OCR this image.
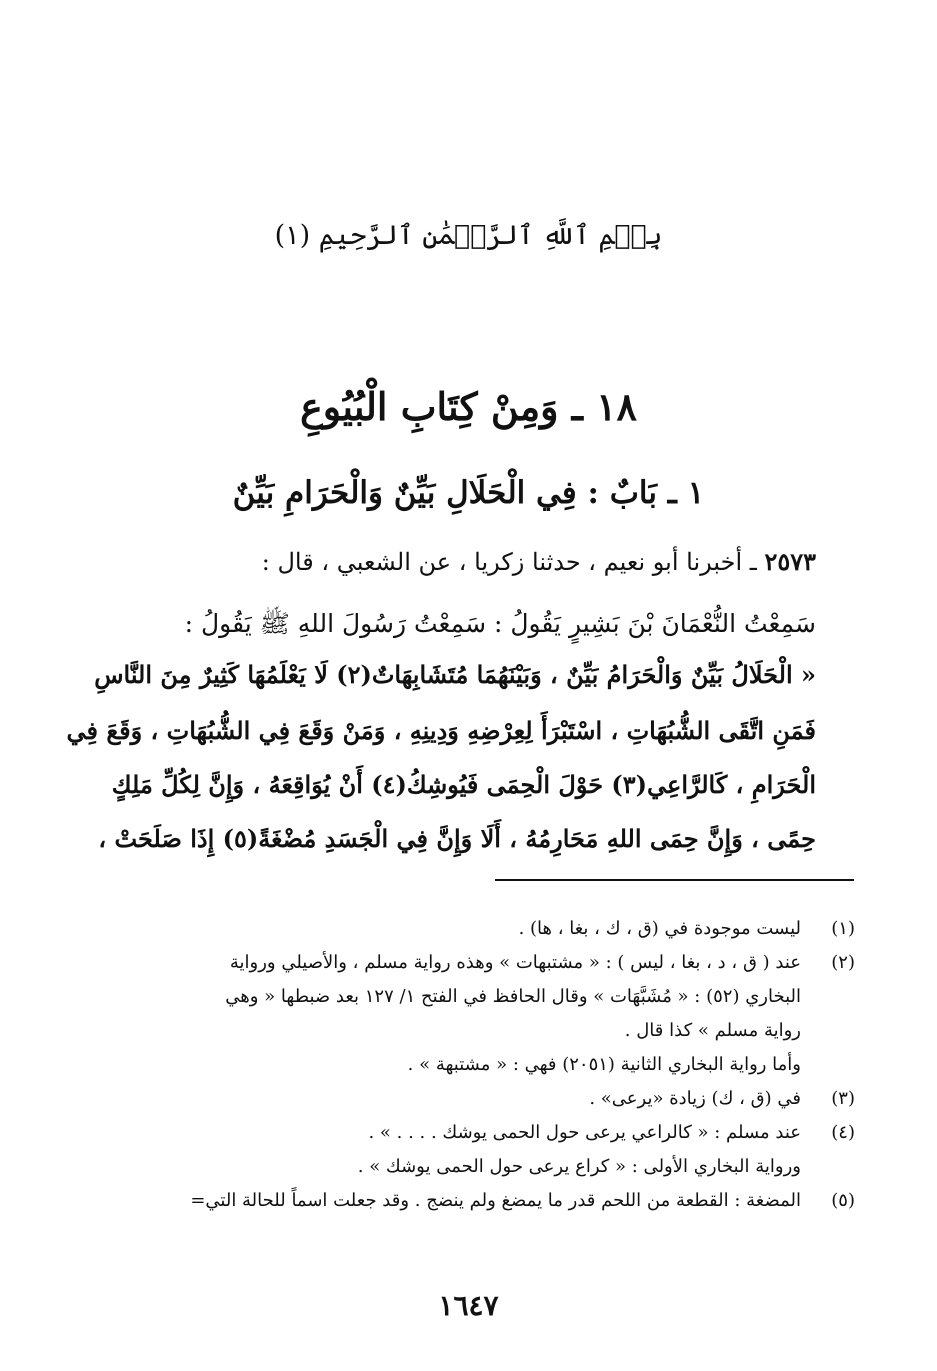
بِسۡمِ ٱللَّهِ ٱلرَّحۡمَٰنِ ٱلرَّحِيمِ (١)
١٨ ـ وَمِنْ كِتَابِ الْبُيُوعِ
١ ـ بَابٌ : فِي الْحَلَالِ بَيِّنٌ وَالْحَرَامِ بَيِّنٌ
٢٥٧٣ ـ أخبرنا أبو نعيم ، حدثنا زكريا ، عن الشعبي ، قال :
سَمِعْتُ النُّعْمَانَ بْنَ بَشِيرٍ يَقُولُ : سَمِعْتُ رَسُولَ اللهِ ﷺ يَقُولُ :
« الْحَلَالُ بَيِّنٌ وَالْحَرَامُ بَيِّنٌ ، وَبَيْنَهُمَا مُتَشَابِهَاتٌ(٢) لَا يَعْلَمُهَا كَثِيرٌ مِنَ النَّاسِ
فَمَنِ اتَّقَى الشُّبُهَاتِ ، اسْتَبْرَأَ لِعِرْضِهِ وَدِينِهِ ، وَمَنْ وَقَعَ فِي الشُّبُهَاتِ ، وَقَعَ فِي
الْحَرَامِ ، كَالرَّاعِي(٣) حَوْلَ الْحِمَى فَيُوشِكُ(٤) أَنْ يُوَاقِعَهُ ، وَإِنَّ لِكُلِّ مَلِكٍ
حِمًى ، وَإِنَّ حِمَى اللهِ مَحَارِمُهُ ، أَلَا وَإِنَّ فِي الْجَسَدِ مُضْغَةً(٥) إِذَا صَلَحَتْ ،
(١)
ليست موجودة في (ق ، ك ، بغا ، ها) .
(٢)
عند ( ق ، د ، بغا ، ليس ) : « مشتبهات » وهذه رواية مسلم ، والأصيلي ورواية
البخاري (٥٢) : « مُشَبَّهَات » وقال الحافظ في الفتح ١/ ١٢٧ بعد ضبطها « وهي
رواية مسلم » كذا قال .
وأما رواية البخاري الثانية (٢٠٥١) فهي : « مشتبهة » .
(٣)
في (ق ، ك) زيادة «يرعى» .
(٤)
عند مسلم : « كالراعي يرعى حول الحمى يوشك . . . . » .
ورواية البخاري الأولى : « كراع يرعى حول الحمى يوشك » .
(٥)
المضغة : القطعة من اللحم قدر ما يمضغ ولم ينضج . وقد جعلت اسماً للحالة التي=
١٦٤٧
